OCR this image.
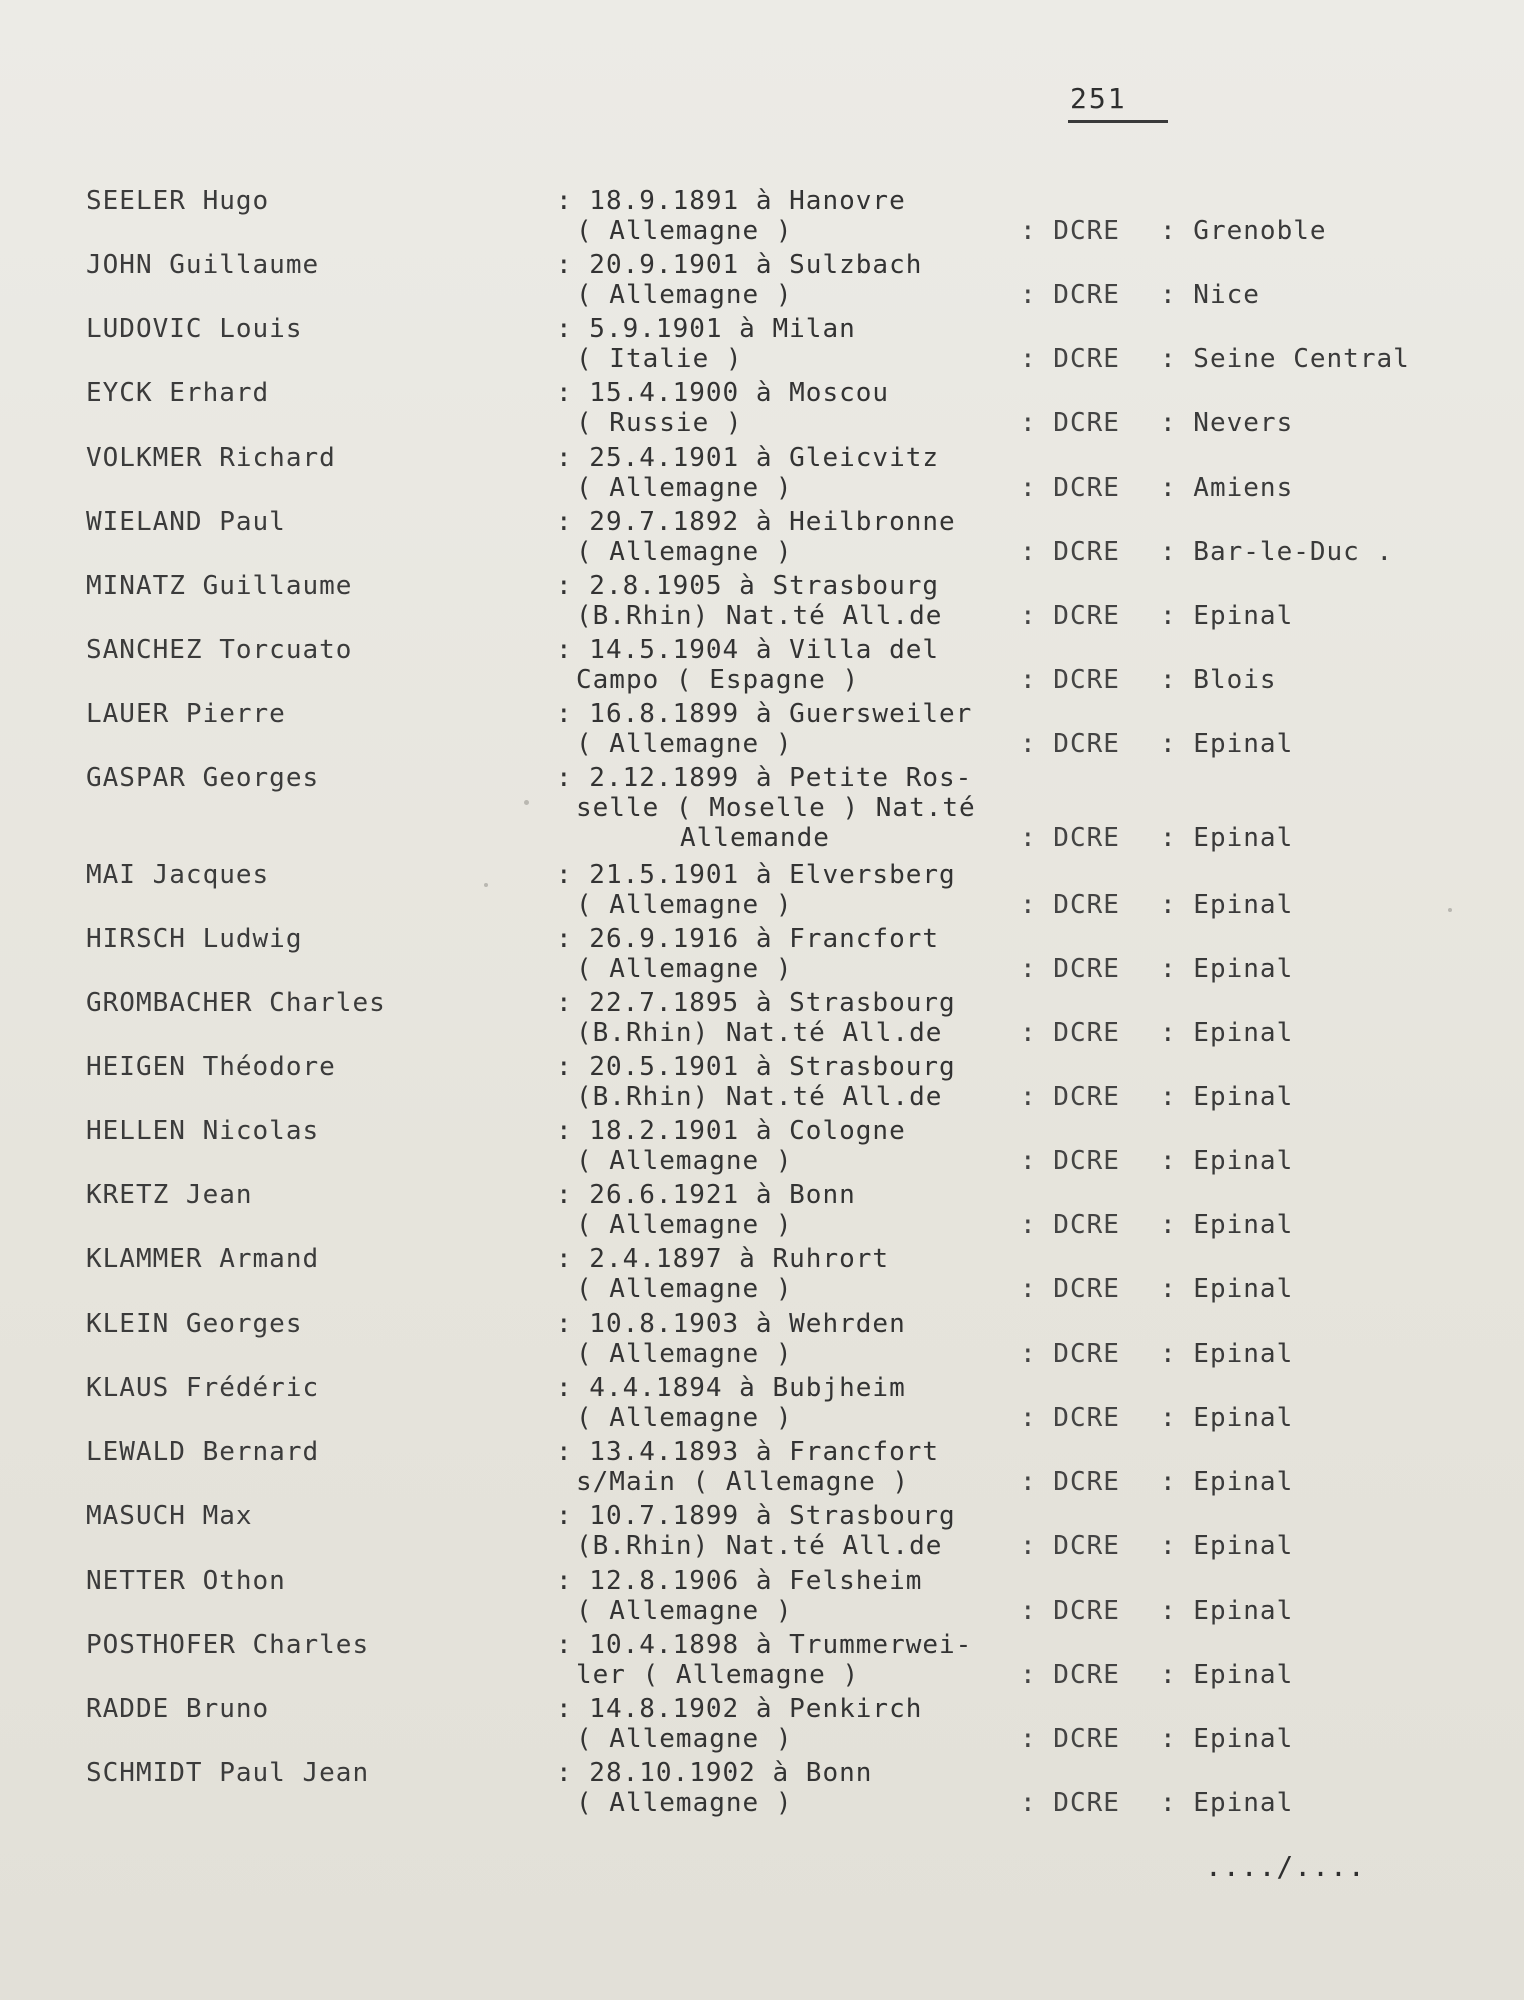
251
SEELER Hugo	: 18.9.1891 à Hanovre
( Allemagne )	: DCRE : Grenoble
JOHN Guillaume	: 20.9.1901 à Sulzbach
( Allemagne )	: DCRE : Nice
LUDOVIC Louis	: 5.9.1901 à Milan
( Italie )	: DCRE : Seine Central
EYCK Erhard	: 15.4.1900 à Moscou
( Russie )	: DCRE : Nevers
VOLKMER Richard	: 25.4.1901 à Gleicvitz
( Allemagne )	: DCRE : Amiens
WIELAND Paul	: 29.7.1892 à Heilbronne
( Allemagne )	: DCRE : Bar-le-Duc .
MINATZ Guillaume	: 2.8.1905 à Strasbourg
(B.Rhin) Nat.té All.de	: DCRE : Epinal
SANCHEZ Torcuato	: 14.5.1904 à Villa del
Campo ( Espagne )	: DCRE : Blois
LAUER Pierre	: 16.8.1899 à Guersweiler
( Allemagne )	: DCRE : Epinal
GASPAR Georges	: 2.12.1899 à Petite Ros-
selle ( Moselle ) Nat.té
Allemande	: DCRE : Epinal
MAI Jacques	: 21.5.1901 à Elversberg
( Allemagne )	: DCRE : Epinal
HIRSCH Ludwig	: 26.9.1916 à Francfort
( Allemagne )	: DCRE : Epinal
GROMBACHER Charles	: 22.7.1895 à Strasbourg
(B.Rhin) Nat.té All.de	: DCRE : Epinal
HEIGEN Théodore	: 20.5.1901 à Strasbourg
(B.Rhin) Nat.té All.de	: DCRE : Epinal
HELLEN Nicolas	: 18.2.1901 à Cologne
( Allemagne )	: DCRE : Epinal
KRETZ Jean	: 26.6.1921 à Bonn
( Allemagne )	: DCRE : Epinal
KLAMMER Armand	: 2.4.1897 à Ruhrort
( Allemagne )	: DCRE : Epinal
KLEIN Georges	: 10.8.1903 à Wehrden
( Allemagne )	: DCRE : Epinal
KLAUS Frédéric	: 4.4.1894 à Bubjheim
( Allemagne )	: DCRE : Epinal
LEWALD Bernard	: 13.4.1893 à Francfort
s/Main ( Allemagne )	: DCRE : Epinal
MASUCH Max	: 10.7.1899 à Strasbourg
(B.Rhin) Nat.té All.de	: DCRE : Epinal
NETTER Othon	: 12.8.1906 à Felsheim
( Allemagne )	: DCRE : Epinal
POSTHOFER Charles	: 10.4.1898 à Trummerwei-
ler ( Allemagne )	: DCRE : Epinal
RADDE Bruno	: 14.8.1902 à Penkirch
( Allemagne )	: DCRE : Epinal
SCHMIDT Paul Jean	: 28.10.1902 à Bonn
( Allemagne )	: DCRE : Epinal
..../....
